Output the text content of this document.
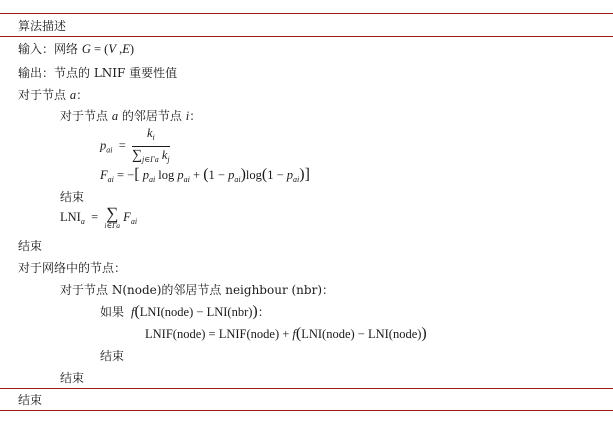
算法描述
输入：网络 G = (V ,E)
输出：节点的 LNIF 重要性值
对于节点 a：
对于节点 a 的邻居节点 i：
$p_{ai} = \frac{k_i}{\sum_{j\in\Gamma a} k_j}$
$F_{ai}$ = −[ $p_{ai}$ $\log p_{ai} + (1 - p_{ai})\log(1 - p_{ai})$]
结束
$LNI_a$  = ∑
i∈Γa
$F_{ai}$
结束
对于网络中的节点：
对于节点 N(node)的邻居节点 neighbour (nbr)：
如果 f(LNI(node) − LNI(nbr))：
LNIF(node) = LNIF(node) + f(LNI(node) − LNI(node))
结束
结束
结束
